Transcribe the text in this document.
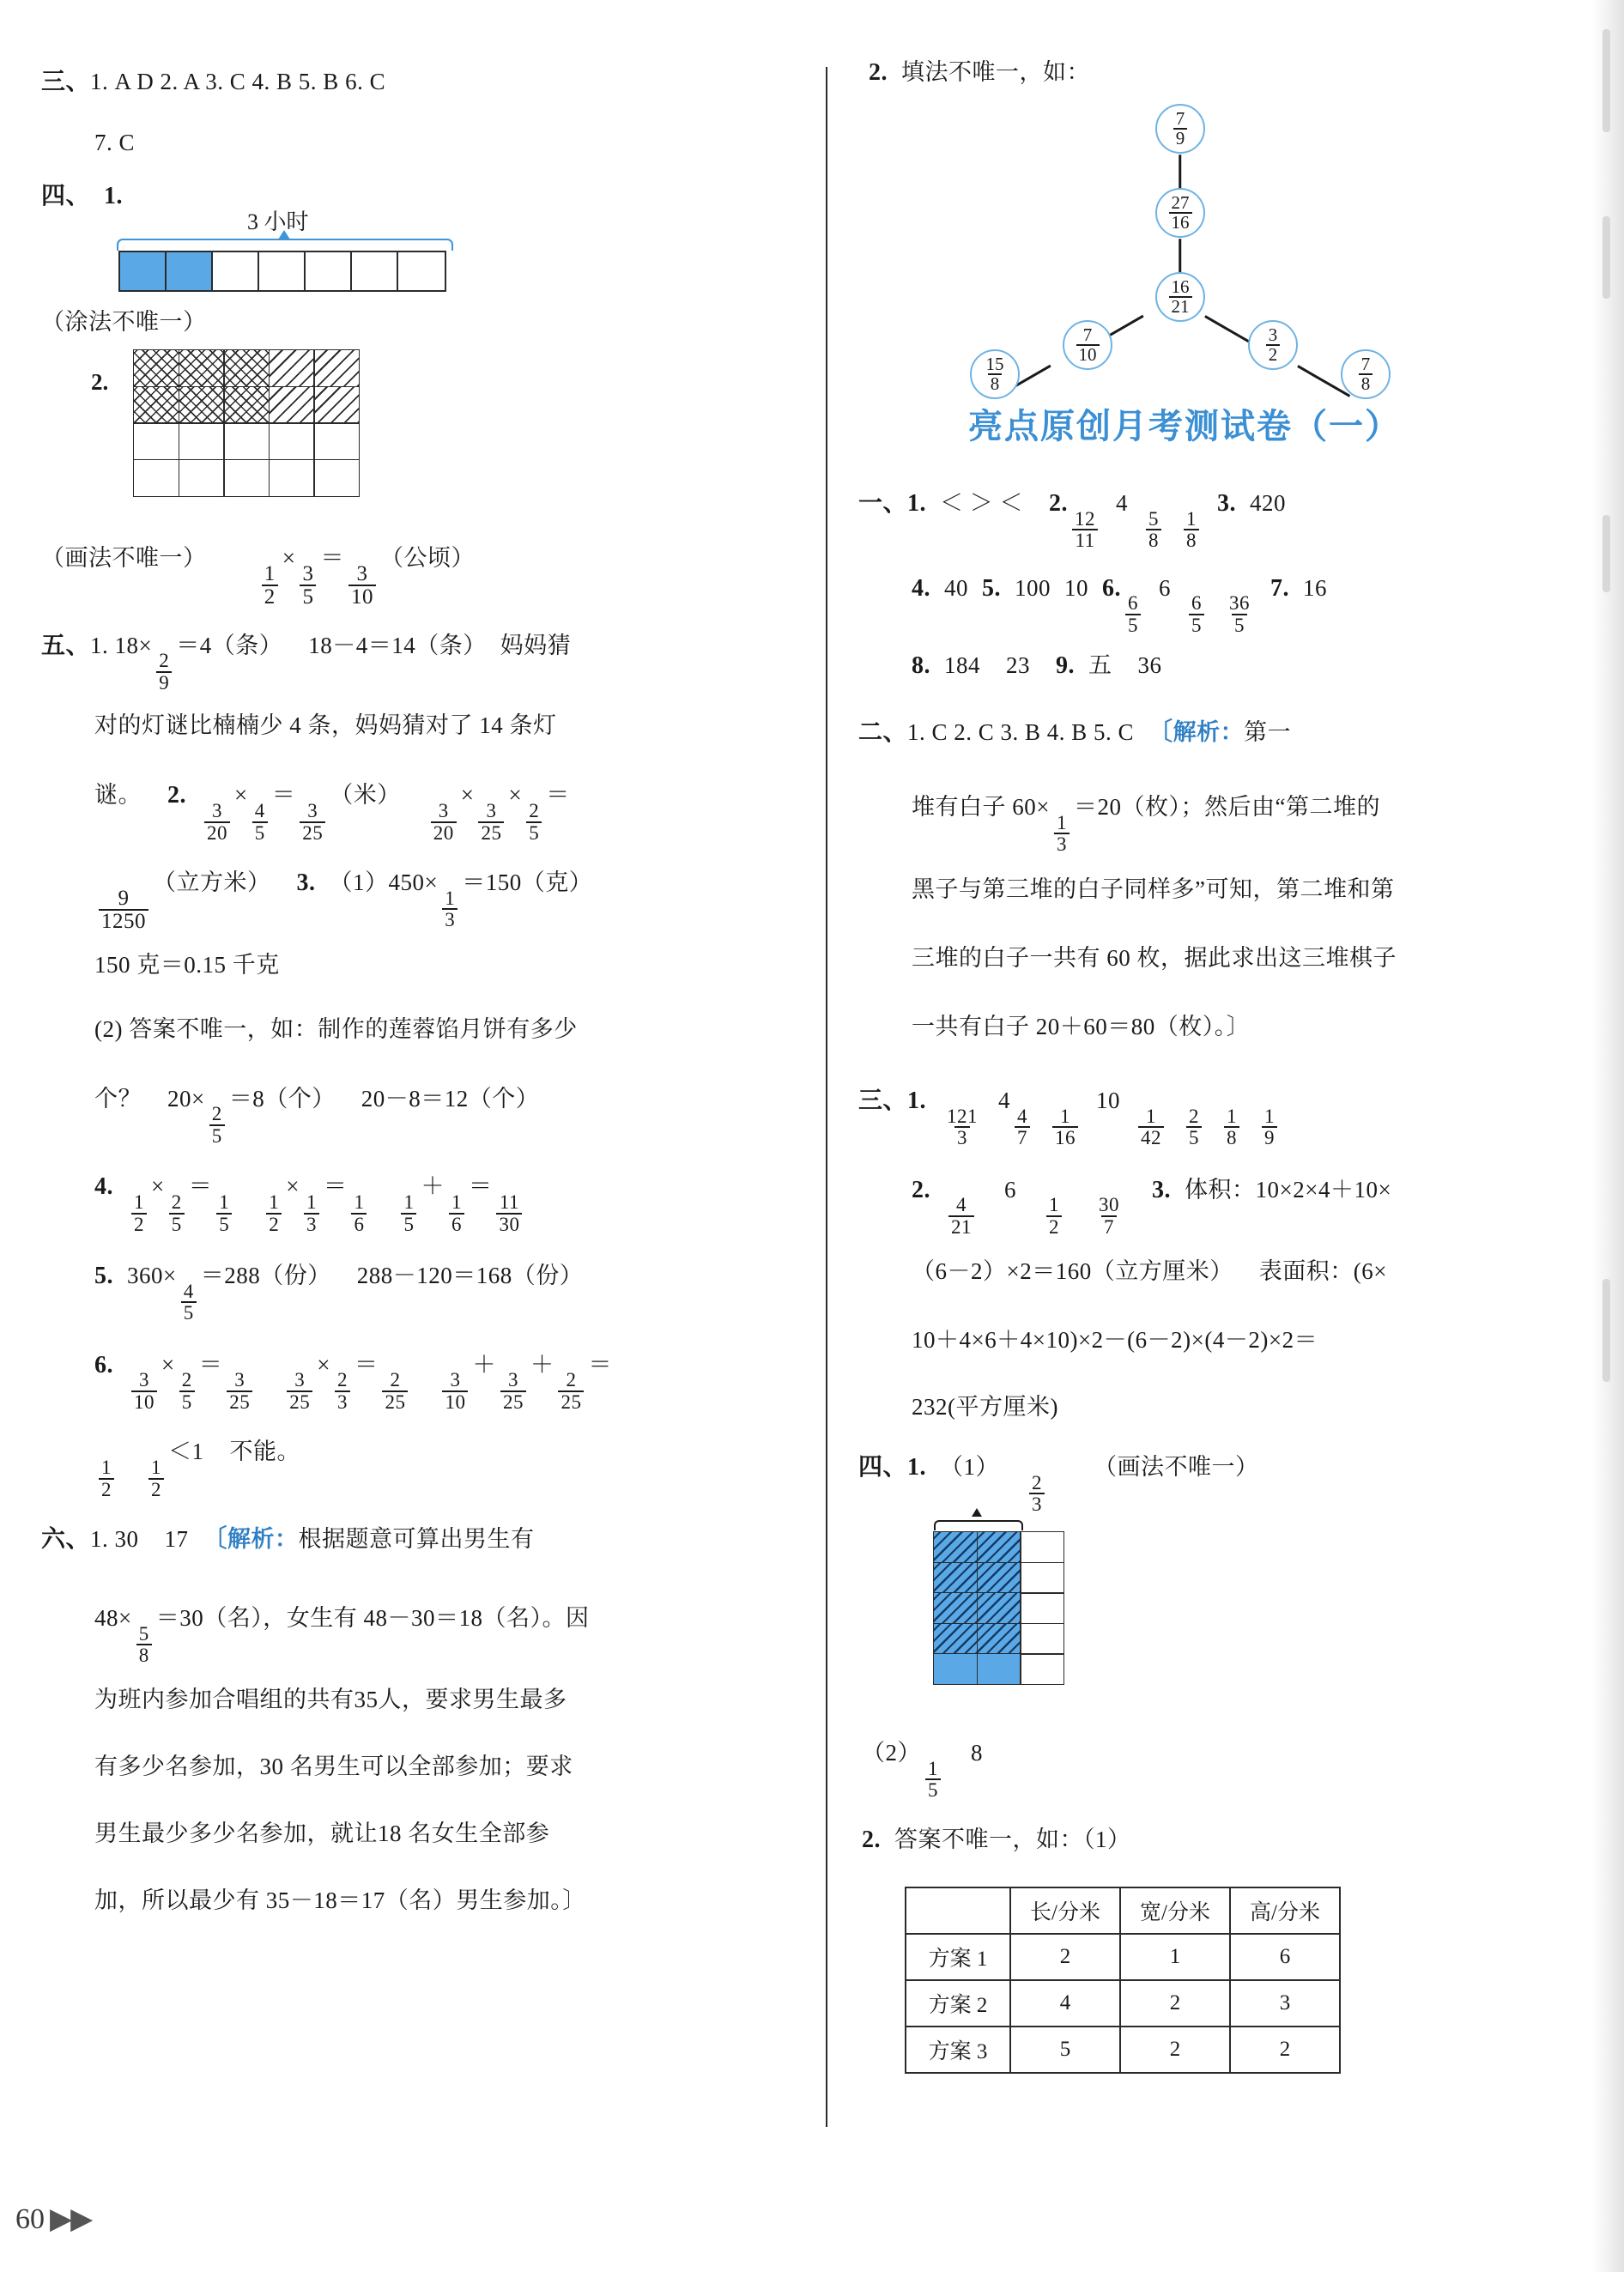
三、1. A D 2. A 3. C 4. B 5. B 6. C
7. C
四、 1.
3 小时
（涂法不唯一）
2.
（画法不唯一）
$\frac{1}{2}$
×
$\frac{3}{5}$
＝
$\frac{3}{10}$
（公顷）
五、1. 18×
$\frac{2}{9}$
＝4（条） 18－4＝14（条） 妈妈猜
对的灯谜比楠楠少 4 条，妈妈猜对了 14 条灯
谜。 2.
$\frac{3}{20}$
×
$\frac{4}{5}$
＝
$\frac{3}{25}$
（米）
$\frac{3}{20}$
×
$\frac{3}{25}$
×
$\frac{2}{5}$
＝
$\frac{9}{1250}$
（立方米） 3. （1）450×
$\frac{1}{3}$
＝150（克）
150 克＝0.15 千克
(2) 答案不唯一，如：制作的莲蓉馅月饼有多少
个？ 20×
$\frac{2}{5}$
＝8（个） 20－8＝12（个）
4.
$\frac{1}{2}$
×
$\frac{2}{5}$
＝
$\frac{1}{5} \frac{1}{2}$
×
$\frac{1}{3}$
＝
$\frac{1}{6} \frac{1}{5}$
＋
$\frac{1}{6}$
＝
$\frac{11}{30}$
5. 360×
$\frac{4}{5}$
＝288（份） 288－120＝168（份）
6.
$\frac{3}{10}$
×
$\frac{2}{5}$
＝
$\frac{3}{25} \frac{3}{25}$
×
$\frac{2}{3}$
＝
$\frac{2}{25} \frac{3}{10}$
＋
$\frac{3}{25}$
＋
$\frac{2}{25}$
＝
$\frac{1}{2} \frac{1}{2}$
＜1 不能。
六、1. 30 17 〔解析：根据题意可算出男生有
48×
$\frac{5}{8}$
＝30（名），女生有 48－30＝18（名）。因
为班内参加合唱组的共有35人，要求男生最多
有多少名参加，30 名男生可以全部参加；要求
男生最少多少名参加，就让18 名女生全部参
加，所以最少有 35－18＝17（名）男生参加。〕
2. 填法不唯一，如：
7
9
27
16
16
21
7
10
15
8
3
2	7
8
亮点原创月考测试卷（一）
一、1. ＜ ＞ ＜ 2.
$\frac{12}{11}$
4
$\frac{5}{8} \frac{1}{8}$
3. 420
4. 40 5. 100 10 6.
$\frac{6}{5}$
6
$\frac{6}{5} \frac{36}{5}$
7. 16
8. 184 23 9. 五 36
二、1. C 2. C 3. B 4. B 5. C 〔解析：第一
堆有白子 60×
$\frac{1}{3}$
＝20（枚）；然后由“第二堆的
黑子与第三堆的白子同样多”可知，第二堆和第
三堆的白子一共有 60 枚，据此求出这三堆棋子
一共有白子 20＋60＝80（枚）。〕
三、1.
$\frac{121}{3}$
4
$\frac{4}{7} \frac{1}{16}$
10
$\frac{1}{42} \frac{2}{5} \frac{1}{8} \frac{1}{9}$
2.
$\frac{4}{21}$
6
$\frac{1}{2} \frac{30}{7}$
3. 体积：10×2×4＋10×
（6－2）×2＝160（立方厘米） 表面积：(6×
10＋4×6＋4×10)×2－(6－2)×(4－2)×2＝
232(平方厘米)
四、1. （1）
$\frac{2}{3}$
（画法不唯一）
（2）
$\frac{1}{5}$
8
2. 答案不唯一，如：（1）
	长/分米	宽/分米	高/分米
方案 1	2	1	6
方案 2	4	2	3
方案 3	5	2	2
60 ▶▶
